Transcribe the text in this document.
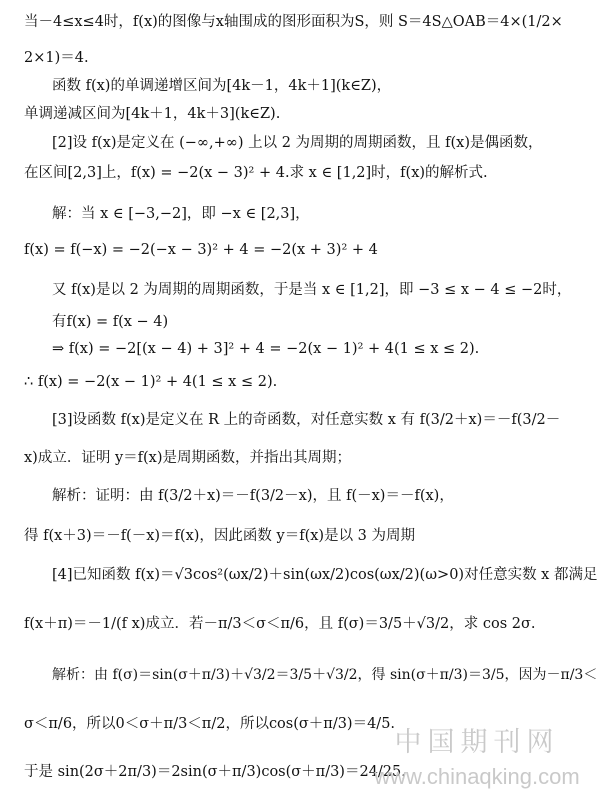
当－4≤x≤4时，f(x)的图像与x轴围成的图形面积为S，则 S＝4S△OAB＝4×(1/2×
2×1)＝4.
函数 f(x)的单调递增区间为[4k－1，4k＋1](k∈Z)，
单调递减区间为[4k＋1，4k＋3](k∈Z).
[2]设 f(x)是定义在 (−∞,+∞) 上以 2 为周期的周期函数，且 f(x)是偶函数，
在区间[2,3]上，f(x) = −2(x − 3)² + 4.求 x ∈ [1,2]时，f(x)的解析式.
解：当 x ∈ [−3,−2]，即 −x ∈ [2,3]，
f(x) = f(−x) = −2(−x − 3)² + 4 = −2(x + 3)² + 4
又 f(x)是以 2 为周期的周期函数，于是当 x ∈ [1,2]，即 −3 ≤ x − 4 ≤ −2时，
有f(x) = f(x − 4)
⇒ f(x) = −2[(x − 4) + 3]² + 4 = −2(x − 1)² + 4(1 ≤ x ≤ 2).
∴ f(x) = −2(x − 1)² + 4(1 ≤ x ≤ 2).
[3]设函数 f(x)是定义在 R 上的奇函数，对任意实数 x 有 f(3/2＋x)＝－f(3/2－
x)成立．证明 y＝f(x)是周期函数，并指出其周期；
解析：证明：由 f(3/2＋x)＝－f(3/2－x)，且 f(－x)＝－f(x)，
得 f(x＋3)＝－f(－x)＝f(x)，因此函数 y＝f(x)是以 3 为周期
[4]已知函数 f(x)＝√3cos²(ωx/2)＋sin(ωx/2)cos(ωx/2)(ω>0)对任意实数 x 都满足
f(x＋π)＝－1/(f x)成立．若－π/3＜σ＜π/6，且 f(σ)＝3/5＋√3/2，求 cos 2σ.
解析：由 f(σ)＝sin(σ＋π/3)＋√3/2＝3/5＋√3/2，得 sin(σ＋π/3)＝3/5，因为－π/3＜
σ＜π/6，所以0＜σ＋π/3＜π/2，所以cos(σ＋π/3)＝4/5.
于是 sin(2σ＋2π/3)＝2sin(σ＋π/3)cos(σ＋π/3)＝24/25，
中国期刊网
www.chinaqking.com
